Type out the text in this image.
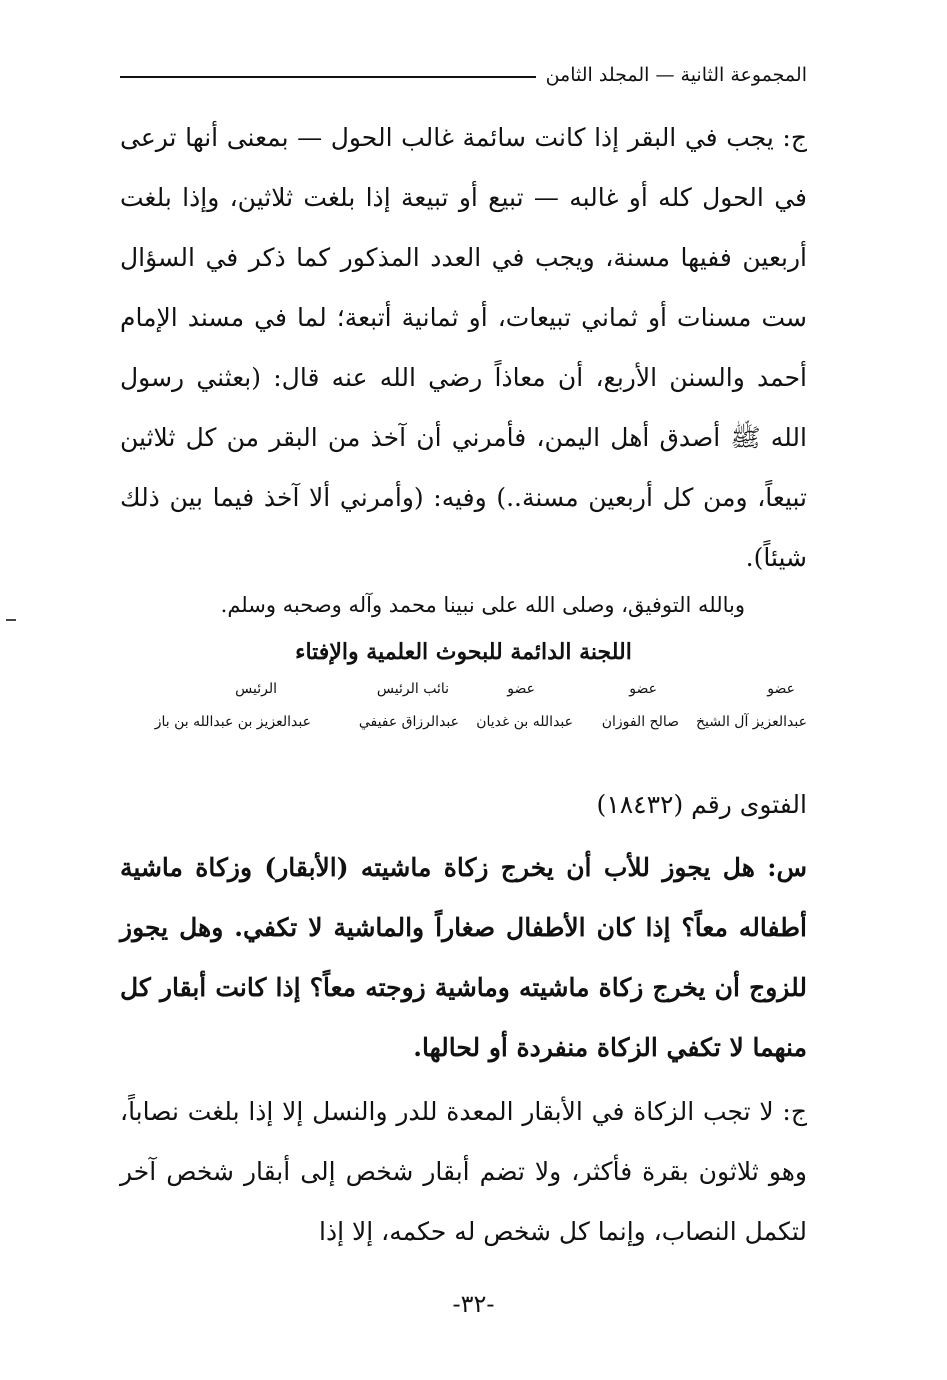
المجموعة الثانية — المجلد الثامن

ج: يجب في البقر إذا كانت سائمة غالب الحول — بمعنى أنها ترعى في الحول كله أو غالبه — تبيع أو تبيعة إذا بلغت ثلاثين، وإذا بلغت أربعين ففيها مسنة، ويجب في العدد المذكور كما ذكر في السؤال ست مسنات أو ثماني تبيعات، أو ثمانية أتبعة؛ لما في مسند الإمام أحمد والسنن الأربع، أن معاذاً رضي الله عنه قال: (بعثني رسول الله ﷺ أصدق أهل اليمن، فأمرني أن آخذ من البقر من كل ثلاثين تبيعاً، ومن كل أربعين مسنة..) وفيه: (وأمرني ألا آخذ فيما بين ذلك شيئاً).

وبالله التوفيق، وصلى الله على نبينا محمد وآله وصحبه وسلم.
اللجنة الدائمة للبحوث العلمية والإفتاء
عضو
عضو
عضو
نائب الرئيس
الرئيس
عبدالعزيز آل الشيخ
صالح الفوزان
عبدالله بن غديان
عبدالرزاق عفيفي
عبدالعزيز بن عبدالله بن باز
الفتوى رقم (١٨٤٣٢)

س: هل يجوز للأب أن يخرج زكاة ماشيته (الأبقار) وزكاة ماشية أطفاله معاً؟ إذا كان الأطفال صغاراً والماشية لا تكفي. وهل يجوز للزوج أن يخرج زكاة ماشيته وماشية زوجته معاً؟ إذا كانت أبقار كل منهما لا تكفي الزكاة منفردة أو لحالها.

ج: لا تجب الزكاة في الأبقار المعدة للدر والنسل إلا إذا بلغت نصاباً، وهو ثلاثون بقرة فأكثر، ولا تضم أبقار شخص إلى أبقار شخص آخر لتكمل النصاب، وإنما كل شخص له حكمه، إلا إذا

-٣٢-
